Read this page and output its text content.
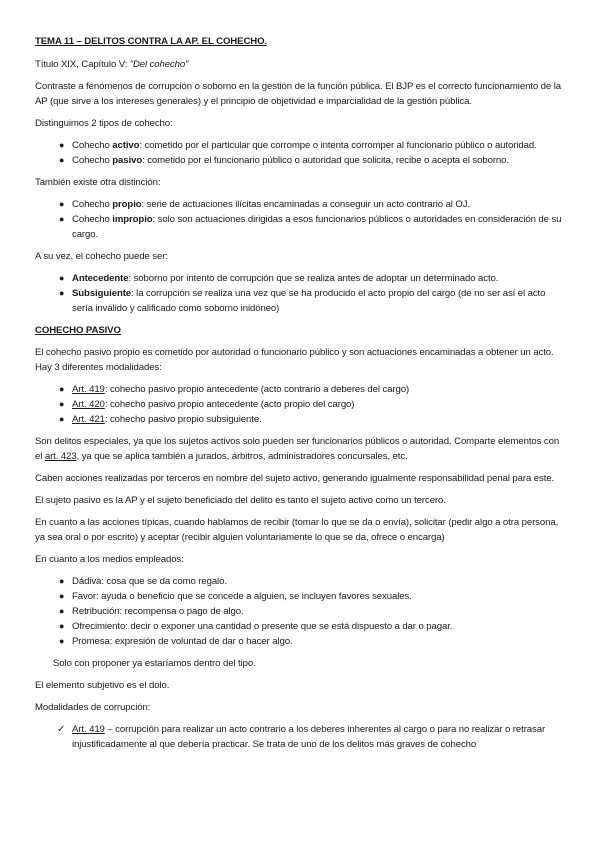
TEMA 11 – DELITOS CONTRA LA AP. EL COHECHO.

Título XIX, Capítulo V: “Del cohecho”

Contraste a fenómenos de corrupción o soborno en la gestión de la función pública. El BJP es el correcto funcionamiento de la AP (que sirve a los intereses generales) y el principio de objetividad e imparcialidad de la gestión pública.

Distinguimos 2 tipos de cohecho:

● Cohecho activo: cometido por el particular que corrompe o intenta corromper al funcionario público o autoridad.
● Cohecho pasivo: cometido por el funcionario público o autoridad que solicita, recibe o acepta el soborno.

También existe otra distinción:

● Cohecho propio: serie de actuaciones ilícitas encaminadas a conseguir un acto contrario al OJ.
● Cohecho impropio: solo son actuaciones dirigidas a esos funcionarios públicos o autoridades en consideración de su cargo.

A su vez, el cohecho puede ser:

● Antecedente: soborno por intento de corrupción que se realiza antes de adoptar un determinado acto.
● Subsiguiente: la corrupción se realiza una vez que se ha producido el acto propio del cargo (de no ser así el acto sería inválido y calificado como soborno inidóneo)

COHECHO PASIVO

El cohecho pasivo propio es cometido por autoridad o funcionario público y son actuaciones encaminadas a obtener un acto. Hay 3 diferentes modalidades:

● Art. 419: cohecho pasivo propio antecedente (acto contrario a deberes del cargo)
● Art. 420: cohecho pasivo propio antecedente (acto propio del cargo)
● Art. 421: cohecho pasivo propio subsiguiente.

Son delitos especiales, ya que los sujetos activos solo pueden ser funcionarios públicos o autoridad. Comparte elementos con el art. 423, ya que se aplica también a jurados, árbitros, administradores concursales, etc.

Caben acciones realizadas por terceros en nombre del sujeto activo, generando igualmente responsabilidad penal para este.

El sujeto pasivo es la AP y el sujeto beneficiado del delito es tanto el sujeto activo como un tercero.

En cuanto a las acciones típicas, cuando hablamos de recibir (tomar lo que se da o envía), solicitar (pedir algo a otra persona, ya sea oral o por escrito) y aceptar (recibir alguien voluntariamente lo que se da, ofrece o encarga)

En cuanto a los medios empleados:

● Dádiva: cosa que se da como regalo.
● Favor: ayuda o beneficio que se concede a alguien, se incluyen favores sexuales.
● Retribución: recompensa o pago de algo.
● Ofrecimiento: decir o exponer una cantidad o presente que se está dispuesto a dar o pagar.
● Promesa: expresión de voluntad de dar o hacer algo.

Solo con proponer ya estaríamos dentro del tipo.

El elemento subjetivo es el dolo.

Modalidades de corrupción:

✓ Art. 419 – corrupción para realizar un acto contrario a los deberes inherentes al cargo o para no realizar o retrasar injustificadamente al que debería practicar. Se trata de uno de los delitos más graves de cohecho
